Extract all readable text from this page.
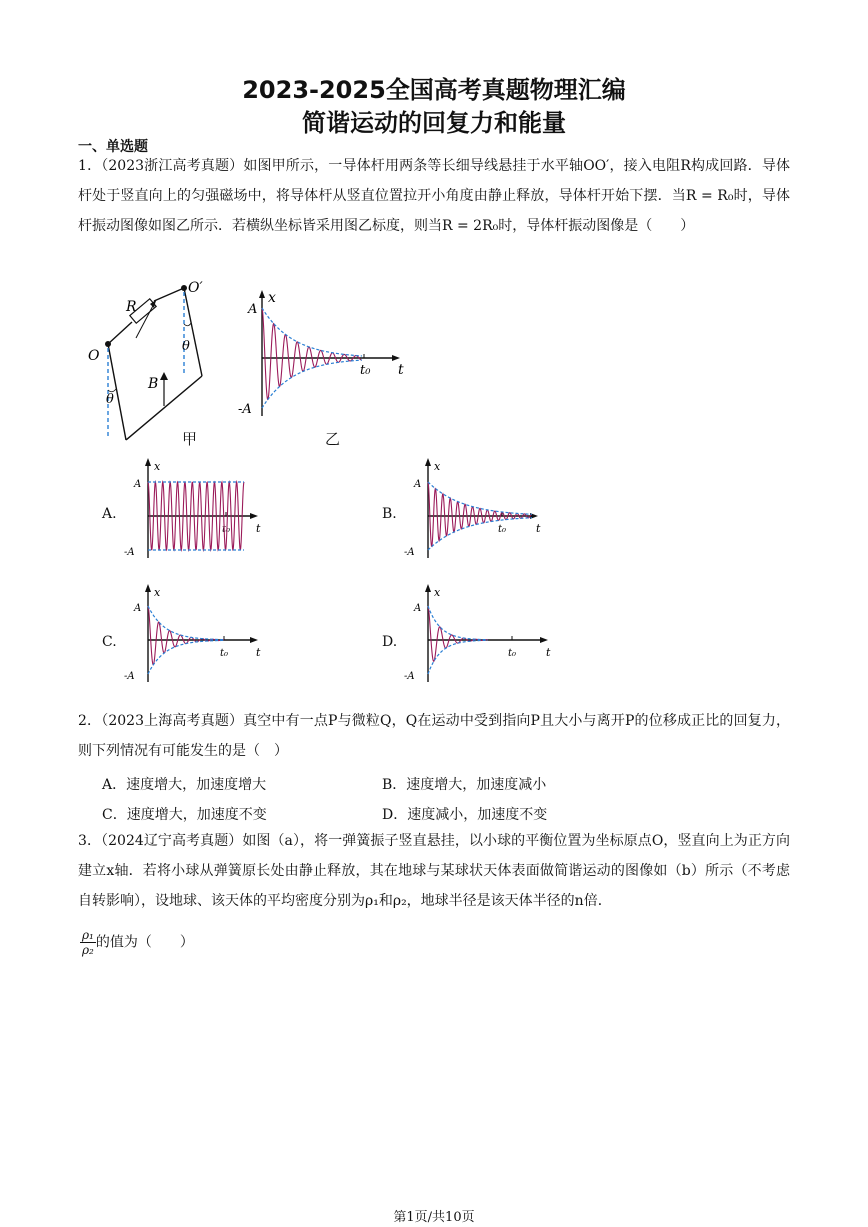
2023-2025全国高考真题物理汇编
简谐运动的回复力和能量
一、单选题
1．（2023浙江高考真题）如图甲所示，一导体杆用两条等长细导线悬挂于水平轴OO′，接入电阻R构成回路．导体杆处于竖直向上的匀强磁场中，将导体杆从竖直位置拉开小角度由静止释放，导体杆开始下摆．当R = R₀时，导体杆振动图像如图乙所示．若横纵坐标皆采用图乙标度，则当R = 2R₀时，导体杆振动图像是（　　）
R
O
O′
θ
θ
B
甲
x
t
A
-A
t₀
乙
A.
x
t
A
-A
t₀
B.
x
t
A
-A
t₀
C.
x
t
A
-A
t₀
D.
x
t
A
-A
t₀
2．（2023上海高考真题）真空中有一点P与微粒Q，Q在运动中受到指向P且大小与离开P的位移成正比的回复力，则下列情况有可能发生的是（　）
A．速度增大，加速度增大	B．速度增大，加速度减小
C．速度增大，加速度不变	D．速度减小，加速度不变
3．（2024辽宁高考真题）如图（a），将一弹簧振子竖直悬挂，以小球的平衡位置为坐标原点O，竖直向上为正方向建立x轴．若将小球从弹簧原长处由静止释放，其在地球与某球状天体表面做简谐运动的图像如（b）所示（不考虑自转影响），设地球、该天体的平均密度分别为ρ₁和ρ₂，地球半径是该天体半径的n倍．
$\frac{\text{ρ₁}}{\text{ρ₂}}$ 的值为（　　）
第1页/共10页
